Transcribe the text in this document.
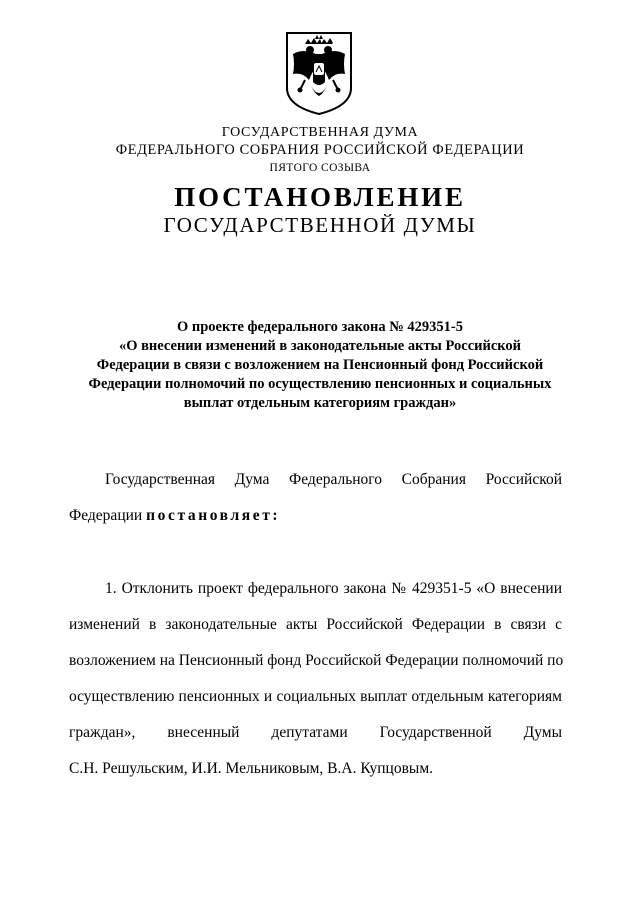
ГОСУДАРСТВЕННАЯ ДУМА
ФЕДЕРАЛЬНОГО СОБРАНИЯ РОССИЙСКОЙ ФЕДЕРАЦИИ
ПЯТОГО СОЗЫВА
ПОСТАНОВЛЕНИЕ
ГОСУДАРСТВЕННОЙ ДУМЫ
О проекте федерального закона № 429351-5
«О внесении изменений в законодательные акты Российской
Федерации в связи с возложением на Пенсионный фонд Российской
Федерации полномочий по осуществлению пенсионных и социальных
выплат отдельным категориям граждан»
Государственная Дума Федерального Собрания Российской
Федерации постановляет:
1. Отклонить проект федерального закона № 429351-5 «О внесении
изменений в законодательные акты Российской Федерации в связи с
возложением на Пенсионный фонд Российской Федерации полномочий по
осуществлению пенсионных и социальных выплат отдельным категориям
граждан», внесенный депутатами Государственной Думы
С.Н. Решульским, И.И. Мельниковым, В.А. Купцовым.
